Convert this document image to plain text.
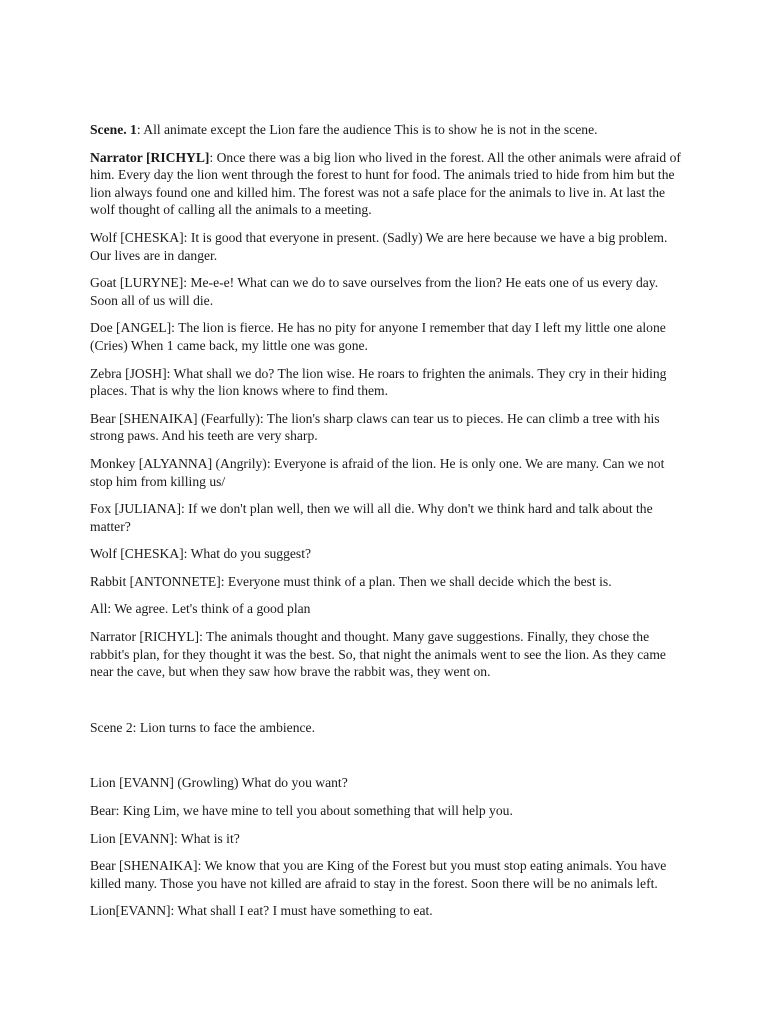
Scene. 1: All animate except the Lion fare the audience This is to show he is not in the scene.

Narrator [RICHYL]: Once there was a big lion who lived in the forest. All the other animals were afraid of him. Every day the lion went through the forest to hunt for food. The animals tried to hide from him but the lion always found one and killed him. The forest was not a safe place for the animals to live in. At last the wolf thought of calling all the animals to a meeting.

Wolf [CHESKA]: It is good that everyone in present. (Sadly) We are here because we have a big problem. Our lives are in danger.

Goat [LURYNE]: Me-e-e! What can we do to save ourselves from the lion? He eats one of us every day. Soon all of us will die.

Doe [ANGEL]: The lion is fierce. He has no pity for anyone I remember that day I left my little one alone (Cries) When 1 came back, my little one was gone.

Zebra [JOSH]: What shall we do? The lion wise. He roars to frighten the animals. They cry in their hiding places. That is why the lion knows where to find them.

Bear [SHENAIKA] (Fearfully): The lion's sharp claws can tear us to pieces. He can climb a tree with his strong paws. And his teeth are very sharp.

Monkey [ALYANNA] (Angrily): Everyone is afraid of the lion. He is only one. We are many. Can we not stop him from killing us/

Fox [JULIANA]: If we don't plan well, then we will all die. Why don't we think hard and talk about the matter?

Wolf [CHESKA]: What do you suggest?

Rabbit [ANTONNETE]: Everyone must think of a plan. Then we shall decide which the best is.

All: We agree. Let's think of a good plan

Narrator [RICHYL]: The animals thought and thought. Many gave suggestions. Finally, they chose the rabbit's plan, for they thought it was the best. So, that night the animals went to see the lion. As they came near the cave, but when they saw how brave the rabbit was, they went on.

Scene 2: Lion turns to face the ambience.

Lion [EVANN] (Growling) What do you want?

Bear: King Lim, we have mine to tell you about something that will help you.

Lion [EVANN]: What is it?

Bear [SHENAIKA]: We know that you are King of the Forest but you must stop eating animals. You have killed many. Those you have not killed are afraid to stay in the forest. Soon there will be no animals left.

Lion[EVANN]: What shall I eat? I must have something to eat.
